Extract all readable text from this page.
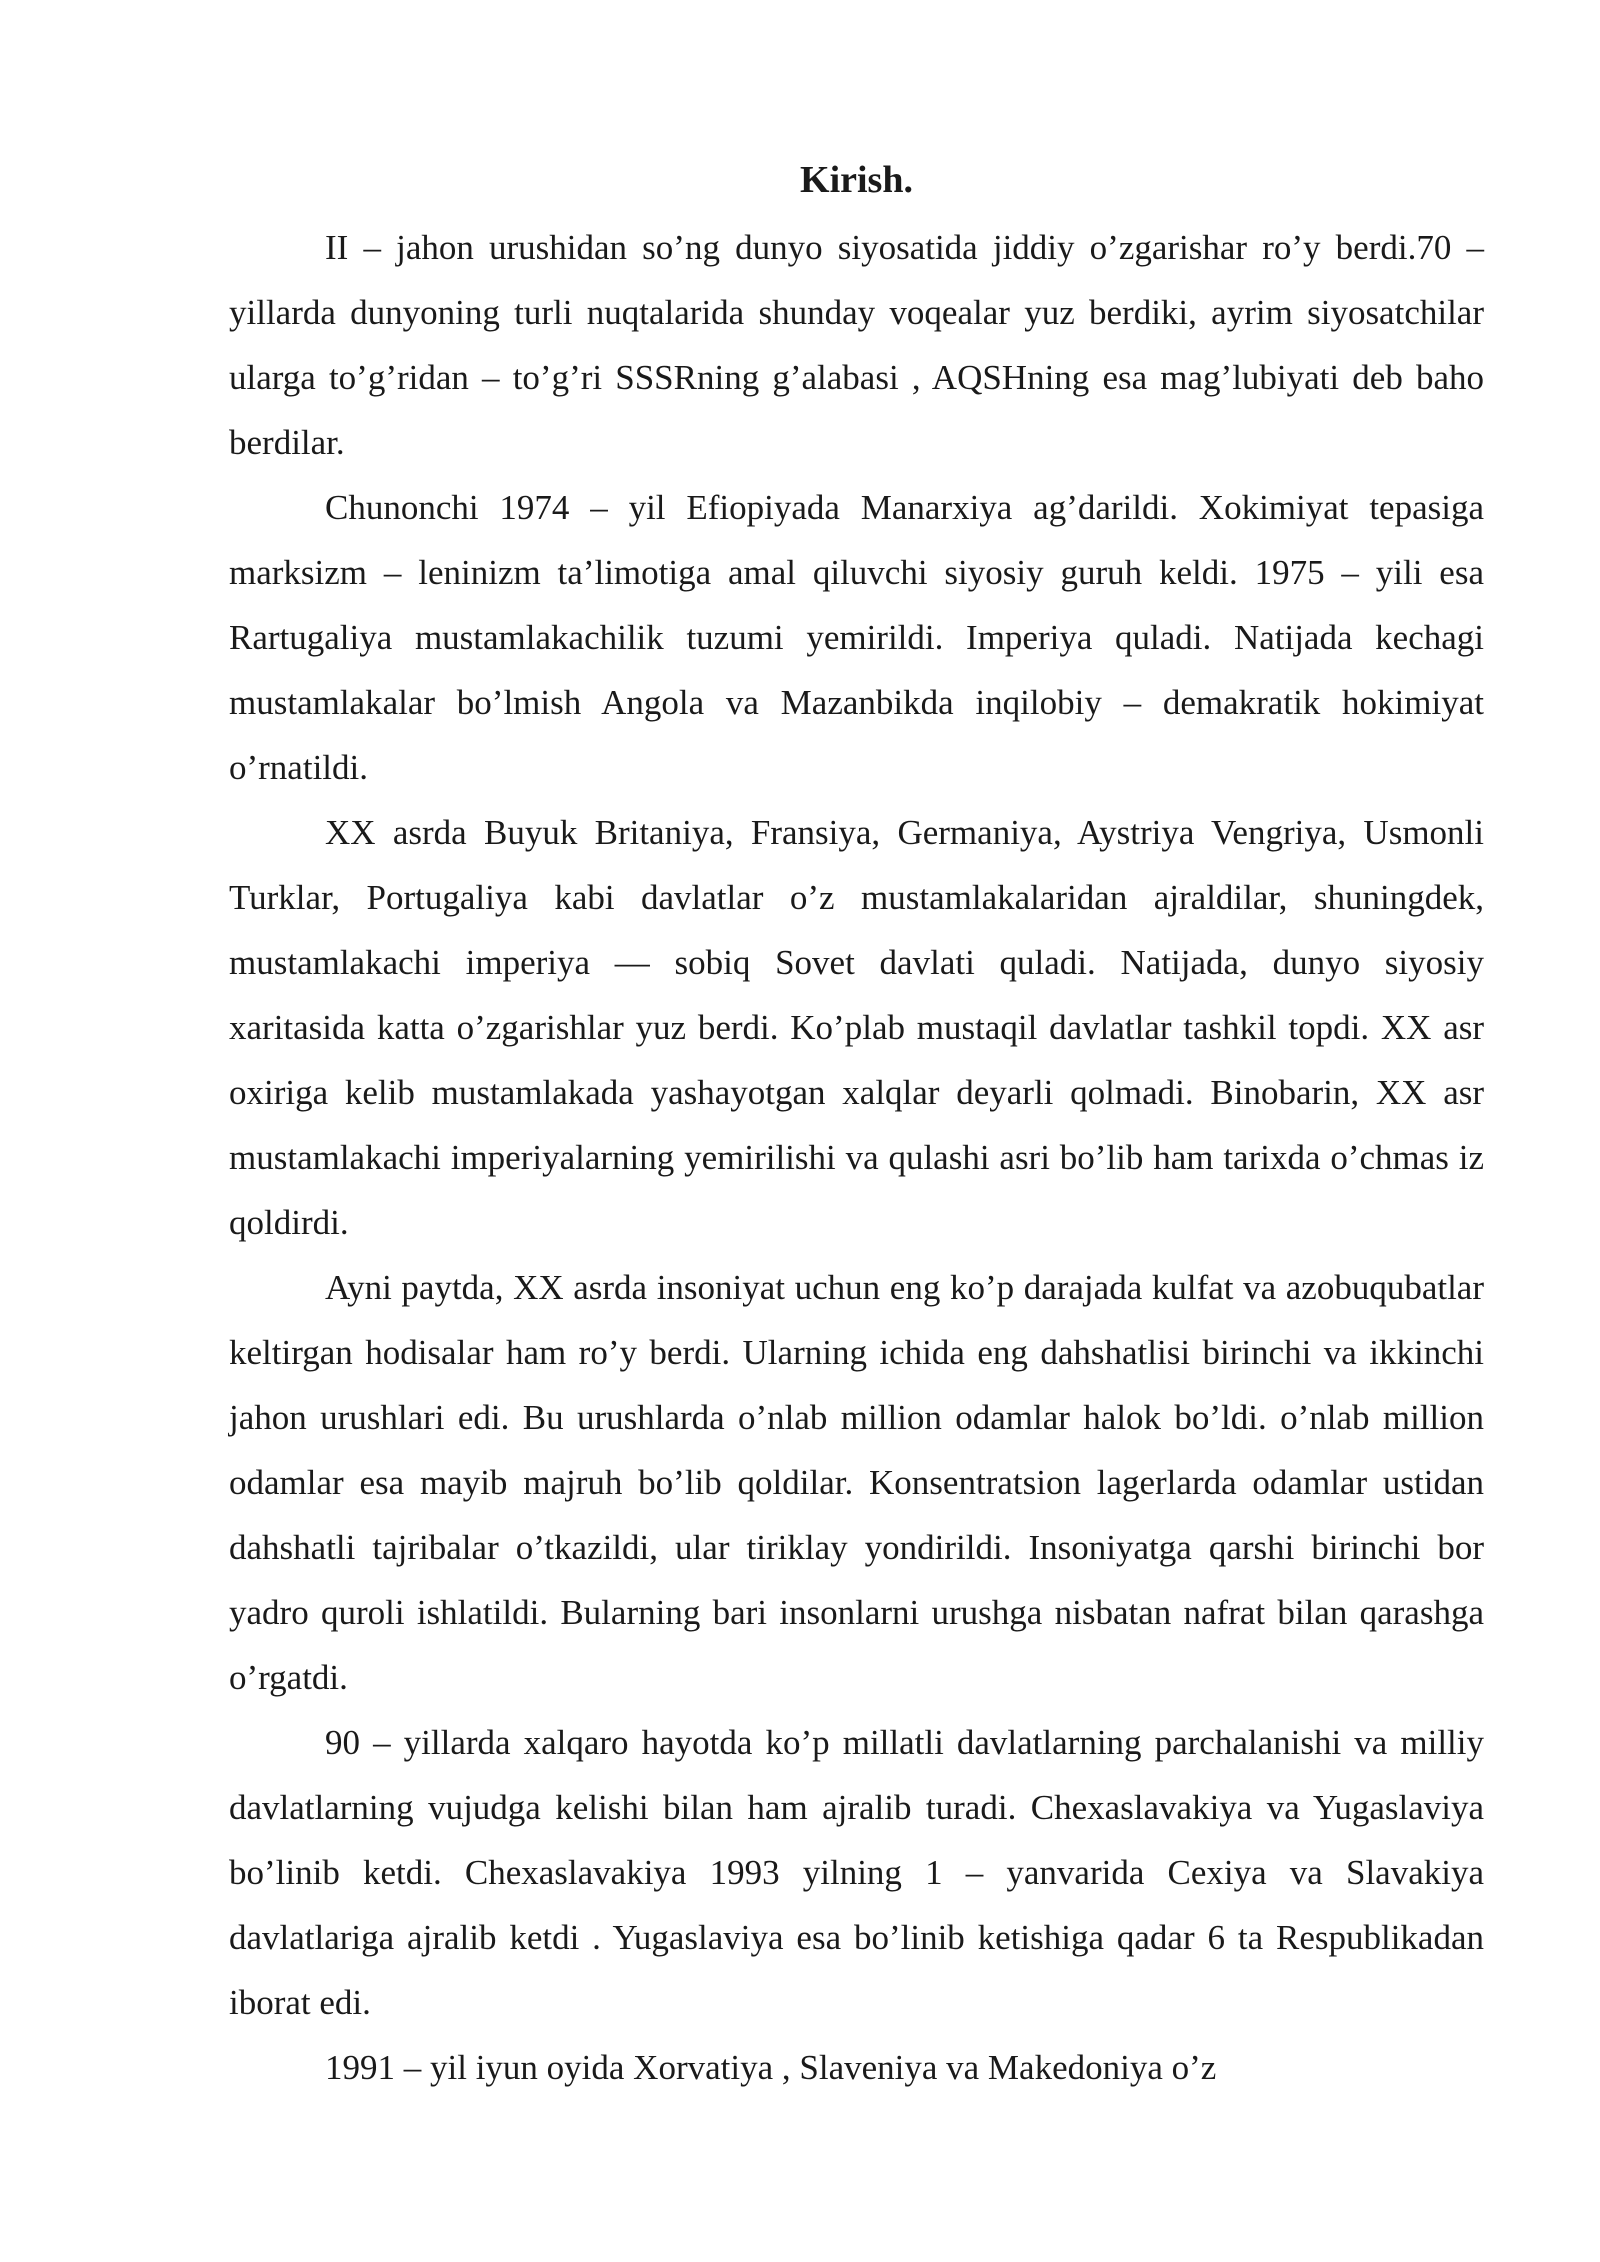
Kirish.

II – jahon urushidan so’ng dunyo siyosatida jiddiy o’zgarishar ro’y berdi.70 – yillarda dunyoning turli nuqtalarida shunday voqealar yuz berdiki, ayrim siyosatchilar ularga to’g’ridan – to’g’ri SSSRning g’alabasi , AQSHning esa mag’lubiyati deb baho berdilar.

Chunonchi 1974 – yil Efiopiyada Manarxiya ag’darildi. Xokimiyat tepasiga marksizm – leninizm ta’limotiga amal qiluvchi siyosiy guruh keldi. 1975 – yili esa Rartugaliya mustamlakachilik tuzumi yemirildi. Imperiya quladi. Natijada kechagi mustamlakalar bo’lmish Angola va Mazanbikda inqilobiy – demakratik hokimiyat o’rnatildi.

XX asrda Buyuk Britaniya, Fransiya, Germaniya, Aystriya Vengriya, Usmonli Turklar, Portugaliya kabi davlatlar o’z mustamlakalaridan ajraldilar, shuningdek, mustamlakachi imperiya — sobiq Sovet davlati quladi. Natijada, dunyo siyosiy xaritasida katta o’zgarishlar yuz berdi. Ko’plab mustaqil davlatlar tashkil topdi. XX asr oxiriga kelib mustamlakada yashayotgan xalqlar deyarli qolmadi. Binobarin, XX asr mustamlakachi imperiyalarning yemirilishi va qulashi asri bo’lib ham tarixda o’chmas iz qoldirdi.

Ayni paytda, XX asrda insoniyat uchun eng ko’p darajada kulfat va azobuqubatlar keltirgan hodisalar ham ro’y berdi. Ularning ichida eng dahshatlisi birinchi va ikkinchi jahon urushlari edi. Bu urushlarda o’nlab million odamlar halok bo’ldi. o’nlab million odamlar esa mayib majruh bo’lib qoldilar. Konsentratsion lagerlarda odamlar ustidan dahshatli tajribalar o’tkazildi, ular tiriklay yondirildi. Insoniyatga qarshi birinchi bor yadro quroli ishlatildi. Bularning bari insonlarni urushga nisbatan nafrat bilan qarashga o’rgatdi.

90 – yillarda xalqaro hayotda ko’p millatli davlatlarning parchalanishi va milliy davlatlarning vujudga kelishi bilan ham ajralib turadi. Chexaslavakiya va Yugaslaviya bo’linib ketdi. Chexaslavakiya 1993 yilning 1 – yanvarida Cexiya va Slavakiya davlatlariga ajralib ketdi . Yugaslaviya esa bo’linib ketishiga qadar 6 ta Respublikadan iborat edi.

1991 – yil iyun oyida Xorvatiya , Slaveniya va Makedoniya o’z
